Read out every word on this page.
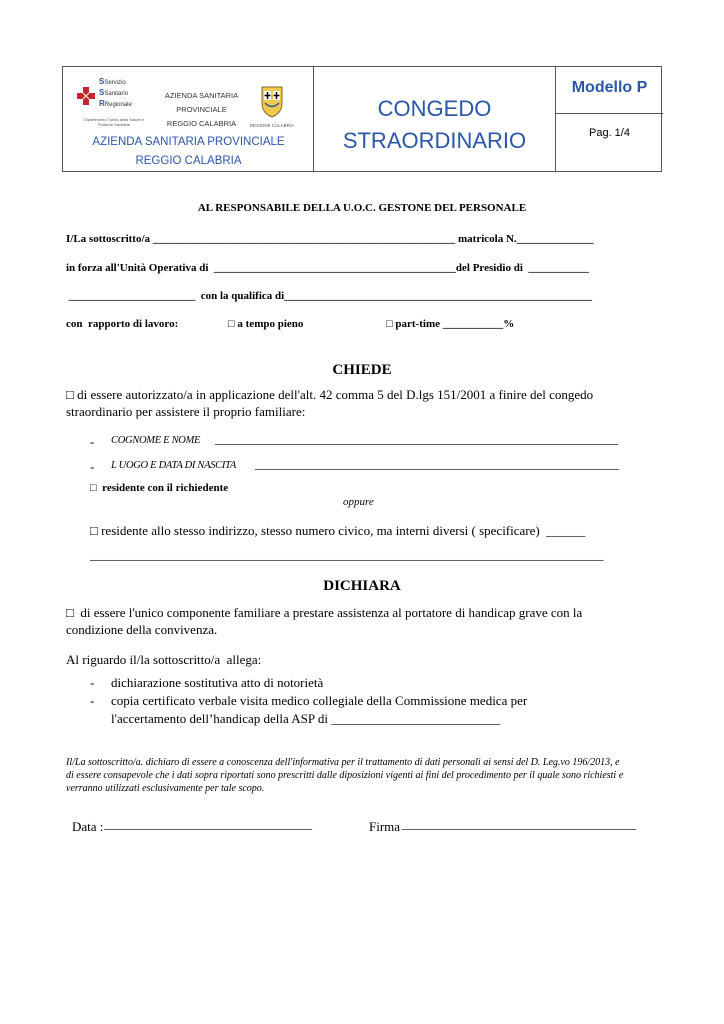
SServizio
SSanitario
RRegionale
Dipartimento Tutela della Salute e Politiche Sanitarie
AZIENDA SANITARIA PROVINCIALE
REGGIO CALABRIA	REGIONE CALABRIA
AZIENDA SANITARIA PROVINCIALE
REGGIO CALABRIA
CONGEDO
STRAORDINARIO
Modello P
Pag. 1/4
AL RESPONSABILE DELLA U.O.C. GESTONE DEL PERSONALE
I/La sottoscritto/a _______________________________________________________ matricola N.______________
in forza all'Unità Operativa di  ____________________________________________del Presidio di  ___________
_______________________  con la qualifica di________________________________________________________
con  rapporto di lavoro:	□ a tempo pieno	□ part-time ___________%
CHIEDE
□ di essere autorizzato/a in applicazione dell'alt. 42 comma 5 del D.lgs 151/2001 a finire del congedo
straordinario per assistere il proprio familiare:
- COGNOME E NOME ______________________________________________________________
- L UOGO E DATA DI NASCITA ________________________________________________________
□  residente con il richiedente
oppure
□ residente allo stesso indirizzo, stesso numero civico, ma interni diversi ( specificare)  ______
_______________________________________________________________________________
DICHIARA
□  di essere l'unico componente familiare a prestare assistenza al portatore di handicap grave con la
condizione della convivenza.
Al riguardo il/la sottoscritto/a  allega:
- dichiarazione sostitutiva atto di notorietà
- copia certificato verbale visita medico collegiale della Commissione medica per
l'accertamento dell’handicap della ASP di __________________________
Il/La sottoscritto/a. dichiaro di essere a conoscenza dell'informativa per il trattamento di dati personali ai sensi del D. Leg.vo 196/2013, e di essere consapevole che i dati sopra riportati sono prescritti dalle diposizioni vigenti ai fini del procedimento per il quale sono richiesti e verranno utilizzati esclusivamente per tale scopo.
Data : ________________________________	Firma ____________________________________
